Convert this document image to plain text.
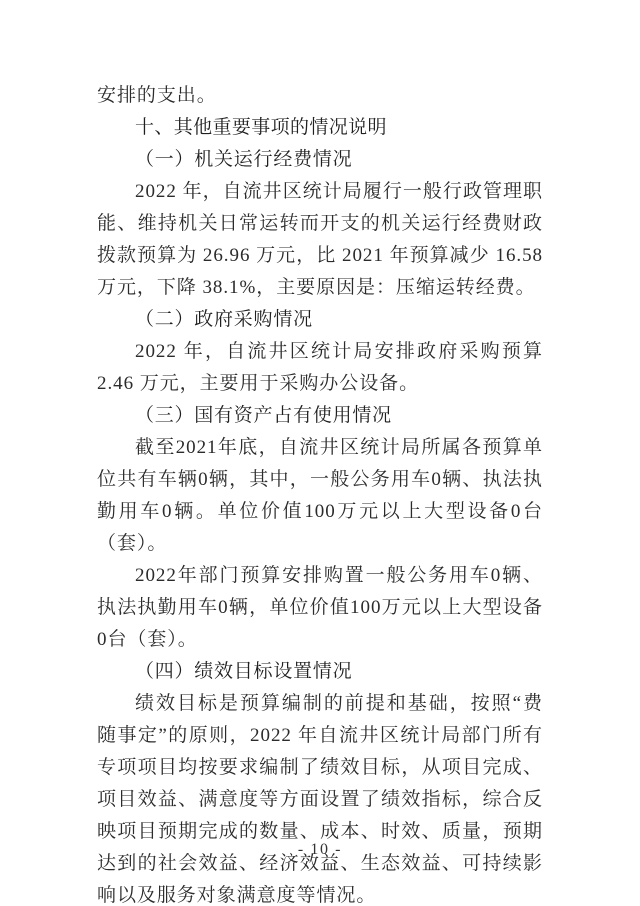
安排的支出。

十、其他重要事项的情况说明
（一）机关运行经费情况

2022 年，自流井区统计局履行一般行政管理职能、维持机关日常运转而开支的机关运行经费财政拨款预算为 26.96 万元，比 2021 年预算减少 16.58 万元，下降 38.1%，主要原因是：压缩运转经费。

（二）政府采购情况

2022 年，自流井区统计局安排政府采购预算 2.46 万元，主要用于采购办公设备。

（三）国有资产占有使用情况

截至2021年底，自流井区统计局所属各预算单位共有车辆0辆，其中，一般公务用车0辆、执法执勤用车0辆。单位价值100万元以上大型设备0台（套）。

2022年部门预算安排购置一般公务用车0辆、执法执勤用车0辆，单位价值100万元以上大型设备0台（套）。

（四）绩效目标设置情况

绩效目标是预算编制的前提和基础，按照“费随事定”的原则，2022 年自流井区统计局部门所有专项项目均按要求编制了绩效目标，从项目完成、项目效益、满意度等方面设置了绩效指标，综合反映项目预期完成的数量、成本、时效、质量，预期达到的社会效益、经济效益、生态效益、可持续影响以及服务对象满意度等情况。

- 10 -
